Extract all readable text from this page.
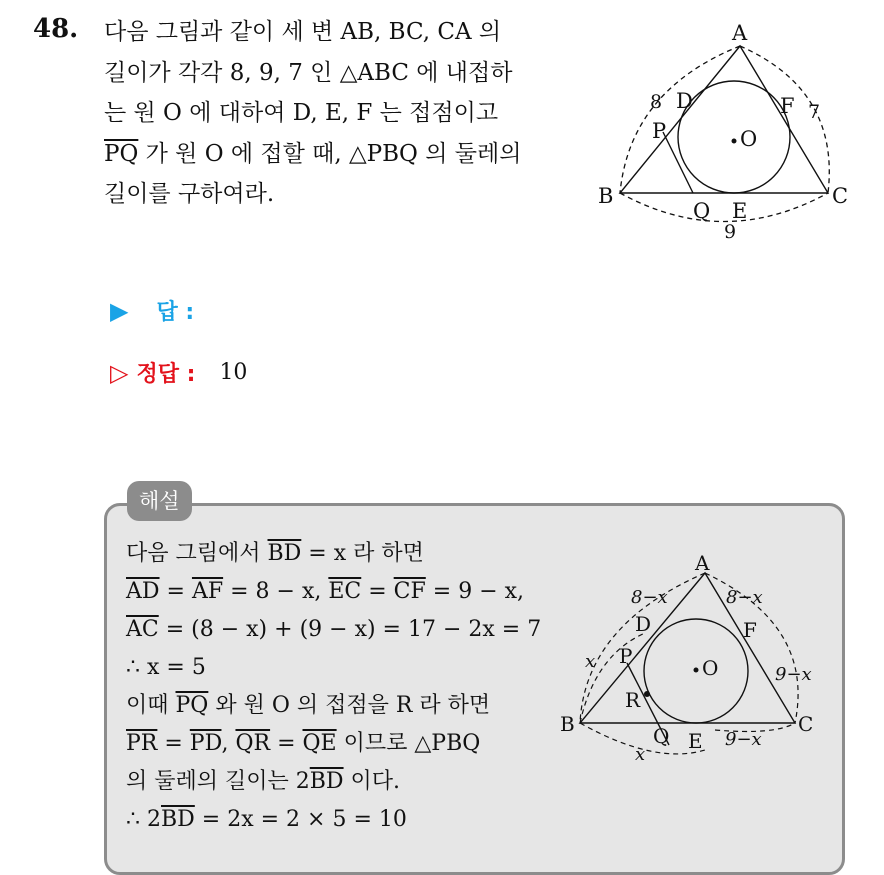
48. 다음 그림과 같이 세 변 AB, BC, CA 의
길이가 각각 8, 9, 7 인 △ABC 에 내접하
는 원 O 에 대하여 D, E, F 는 접점이고
$\overline{PQ}$ 가 원 O 에 접할 때, △PBQ 의 둘레의
길이를 구하여라.
A
B	C
D
E
F
P
Q
O
8	7
9
▶ 답 :
▷ 정답 : 10
해설
다음 그림에서 $\overline{BD} = x$ 라 하면
$\overline{AD} = \overline{AF} = 8 - x$, $\overline{EC} = \overline{CF} = 9 - x$,
$\overline{AC} = (8 - x) + (9 - x) = 17 - 2x = 7$
∴ x = 5
이때 $\overline{PQ}$ 와 원 O 의 접점을 R 라 하면
$\overline{PR} = \overline{PD}$, $\overline{QR} = \overline{QE}$ 이므로 △PBQ
의 둘레의 길이는 $2\overline{BD}$ 이다.
∴ $2\overline{BD} = 2x = 2 \times 5 = 10$
A
B	C
D
E
F
P
Q
R
O
8−x	8−x
x
9−x
9−x
x
